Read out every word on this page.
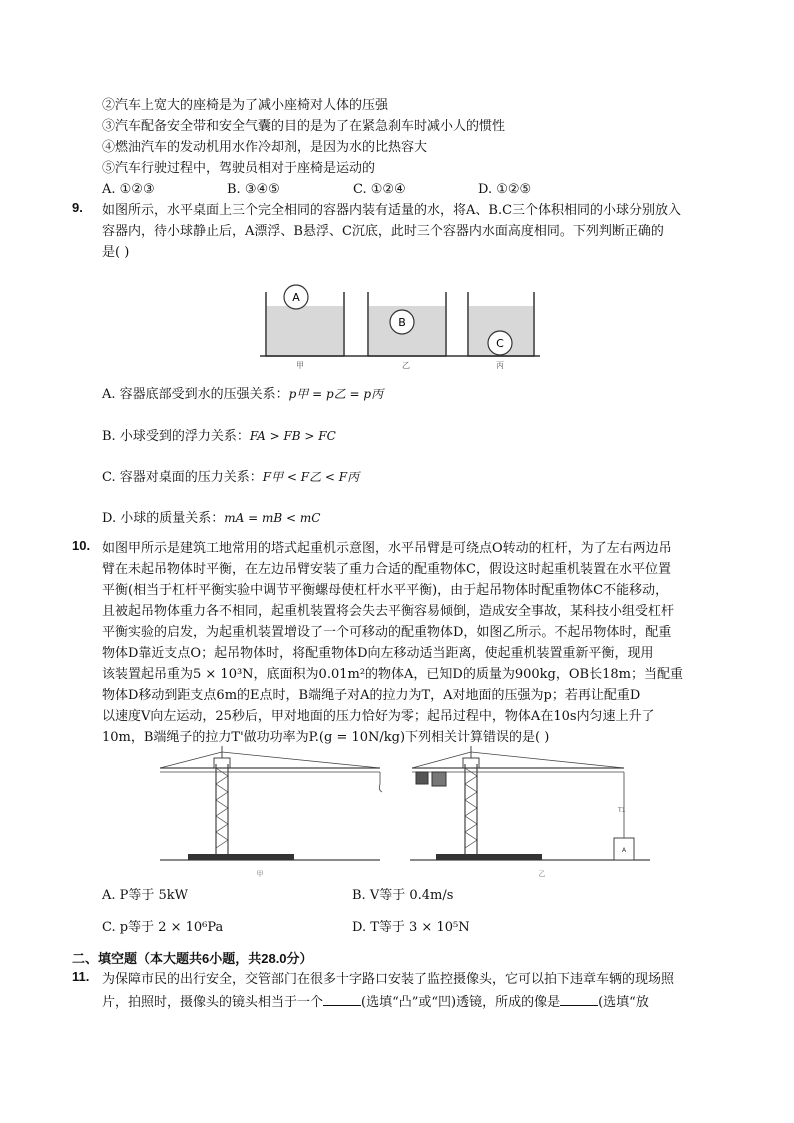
②汽车上宽大的座椅是为了减小座椅对人体的压强
③汽车配备安全带和安全气囊的目的是为了在紧急刹车时减小人的惯性
④燃油汽车的发动机用水作冷却剂，是因为水的比热容大
⑤汽车行驶过程中，驾驶员相对于座椅是运动的
A. ①②③	B. ③④⑤	C. ①②④	D. ①②⑤
9. 如图所示，水平桌面上三个完全相同的容器内装有适量的水，将A、B.C三个体积相同的小球分别放入
容器内，待小球静止后，A漂浮、B悬浮、C沉底，此时三个容器内水面高度相同。下列判断正确的
是( )
A
B
C
甲	乙	丙
A. 容器底部受到水的压强关系：p甲 = p乙 = p丙
B. 小球受到的浮力关系：FA > FB > FC
C. 容器对桌面的压力关系：F甲 < F乙 < F丙
D. 小球的质量关系：mA = mB < mC
10. 如图甲所示是建筑工地常用的塔式起重机示意图，水平吊臂是可绕点O转动的杠杆，为了左右两边吊
臂在未起吊物体时平衡，在左边吊臂安装了重力合适的配重物体C，假设这时起重机装置在水平位置
平衡(相当于杠杆平衡实验中调节平衡螺母使杠杆水平平衡)，由于起吊物体时配重物体C不能移动，
且被起吊物体重力各不相同，起重机装置将会失去平衡容易倾倒，造成安全事故，某科技小组受杠杆
平衡实验的启发，为起重机装置增设了一个可移动的配重物体D，如图乙所示。不起吊物体时，配重
物体D靠近支点O；起吊物体时，将配重物体D向左移动适当距离，使起重机装置重新平衡，现用
该装置起吊重为5 × 10³N，底面积为0.01m²的物体A，已知D的质量为900kg，OB长18m；当配重
物体D移动到距支点6m的E点时，B端绳子对A的拉力为T，A对地面的压强为p；若再让配重D
以速度V向左运动，25秒后，甲对地面的压力恰好为零；起吊过程中，物体A在10s内匀速上升了
10m，B端绳子的拉力T'做功功率为P.(g = 10N/kg)下列相关计算错误的是( )
甲
T1
A
乙
A. P等于 5kW	B. V等于 0.4m/s
C. p等于 2 × 10⁶Pa	D. T等于 3 × 10⁵N
二、填空题（本大题共6小题，共28.0分）
11. 为保障市民的出行安全，交管部门在很多十字路口安装了监控摄像头，它可以拍下违章车辆的现场照
片，拍照时，摄像头的镜头相当于一个	(选填“凸”或“凹)透镜，所成的像是	(选填“放
